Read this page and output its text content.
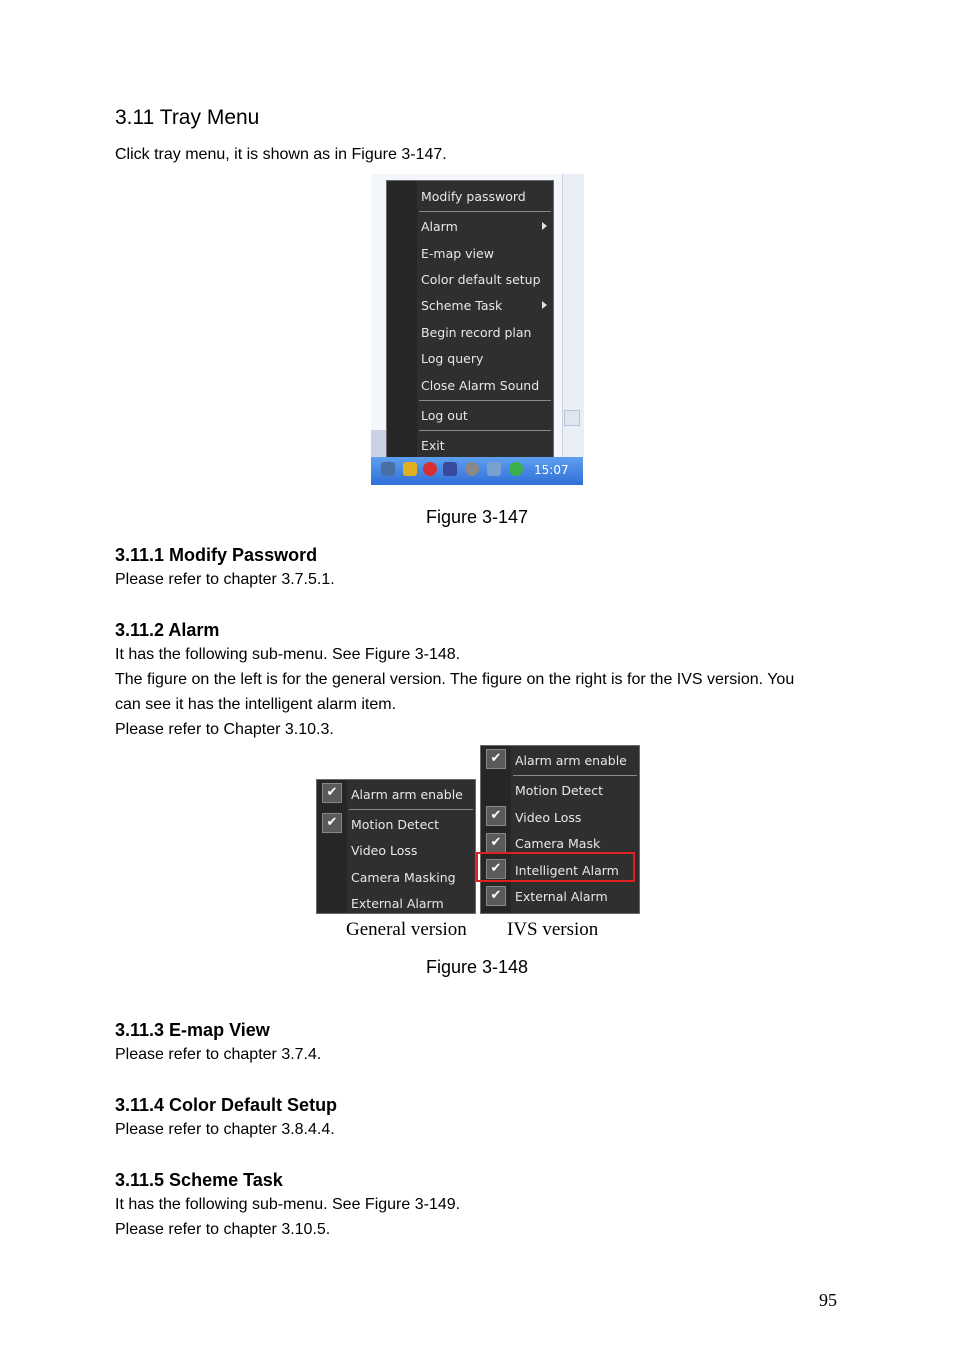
3.11 Tray Menu
Click tray menu, it is shown as in Figure 3-147.
Modify password
Alarm
E-map view
Color default setup
Scheme Task
Begin record plan
Log query
Close Alarm Sound
Log out
Exit
15:07
Figure 3-147
3.11.1 Modify Password
Please refer to chapter 3.7.5.1.
3.11.2 Alarm
It has the following sub-menu. See Figure 3-148.
The figure on the left is for the general version. The figure on the right is for the IVS version. You
can see it has the intelligent alarm item.
Please refer to Chapter 3.10.3.
✔	Alarm arm enable
✔	Motion Detect
Video Loss
Camera Masking
External Alarm
✔	Alarm arm enable
Motion Detect
✔	Video Loss
✔	Camera Mask
✔	Intelligent Alarm
✔	External Alarm
General version IVS version
Figure 3-148
3.11.3 E-map View
Please refer to chapter 3.7.4.
3.11.4 Color Default Setup
Please refer to chapter 3.8.4.4.
3.11.5 Scheme Task
It has the following sub-menu. See Figure 3-149.
Please refer to chapter 3.10.5.
95
